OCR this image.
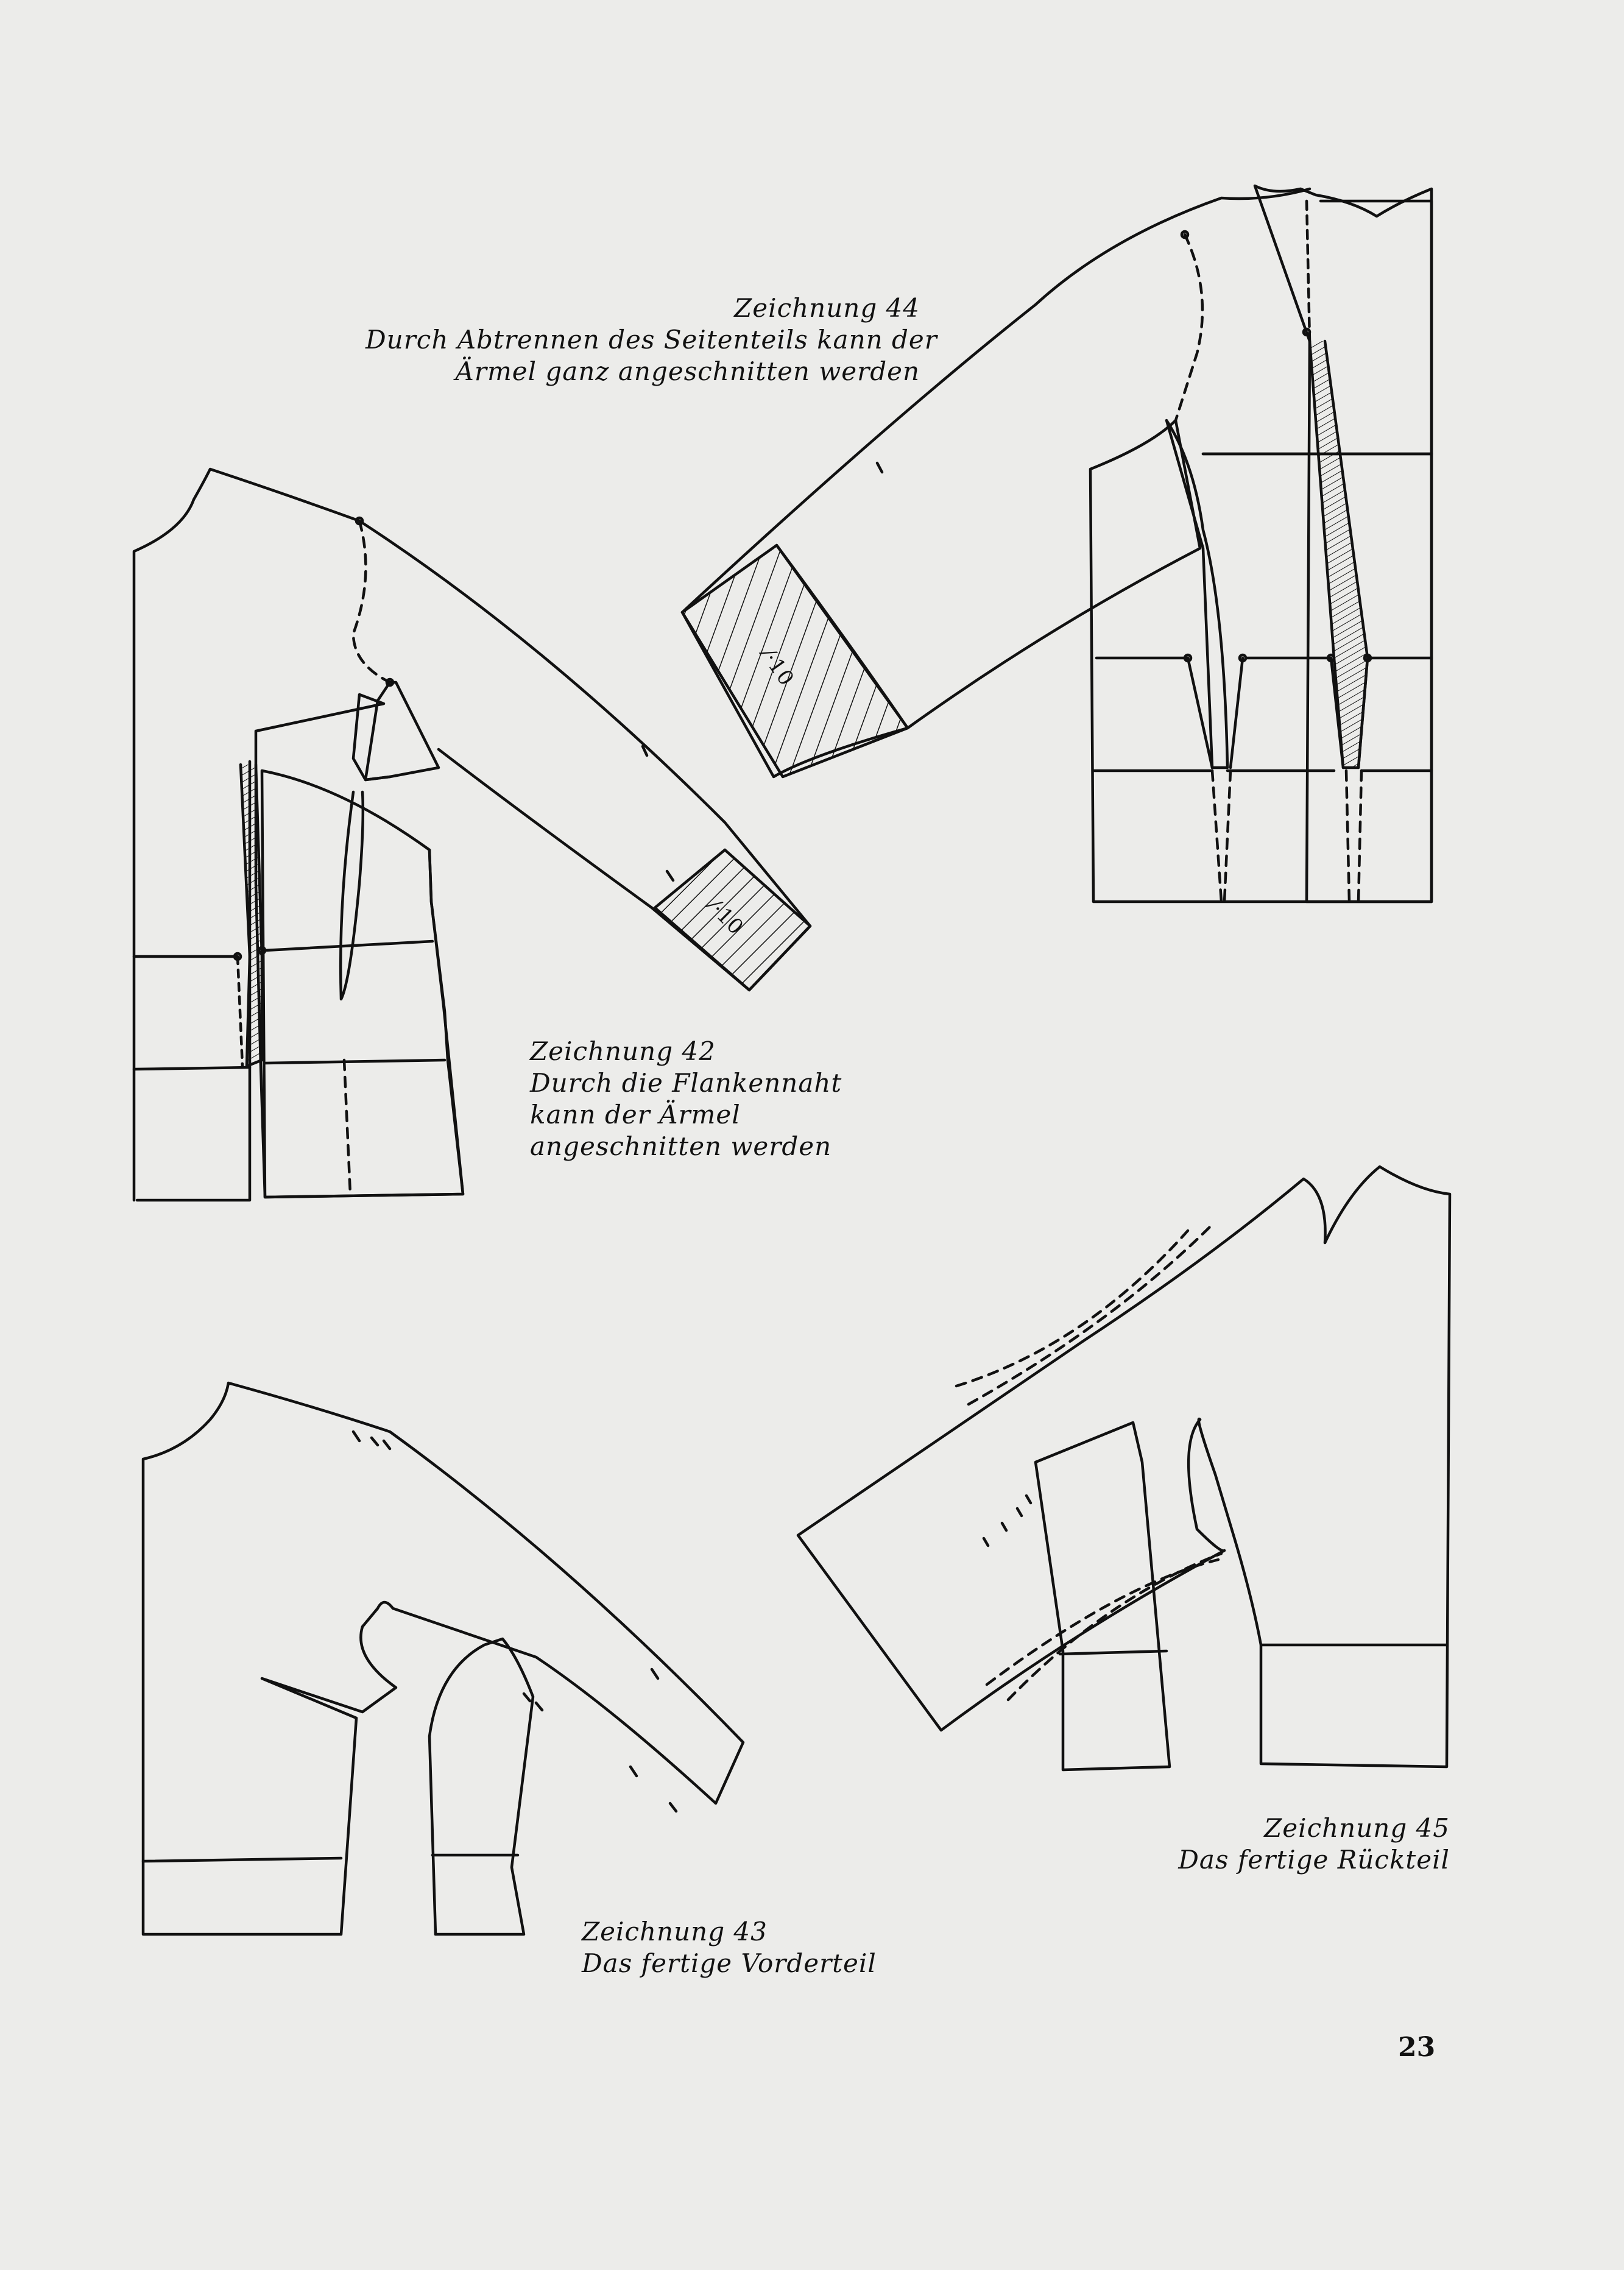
Zeichnung 44
Durch Abtrennen des Seitenteils kann der
Ärmel ganz angeschnitten werden
Zeichnung 42
Durch die Flankennaht
kann der Ärmel
angeschnitten werden
Zeichnung 43
Das fertige Vorderteil
Zeichnung 45
Das fertige Rückteil
⁄·10
⁄·10
23
